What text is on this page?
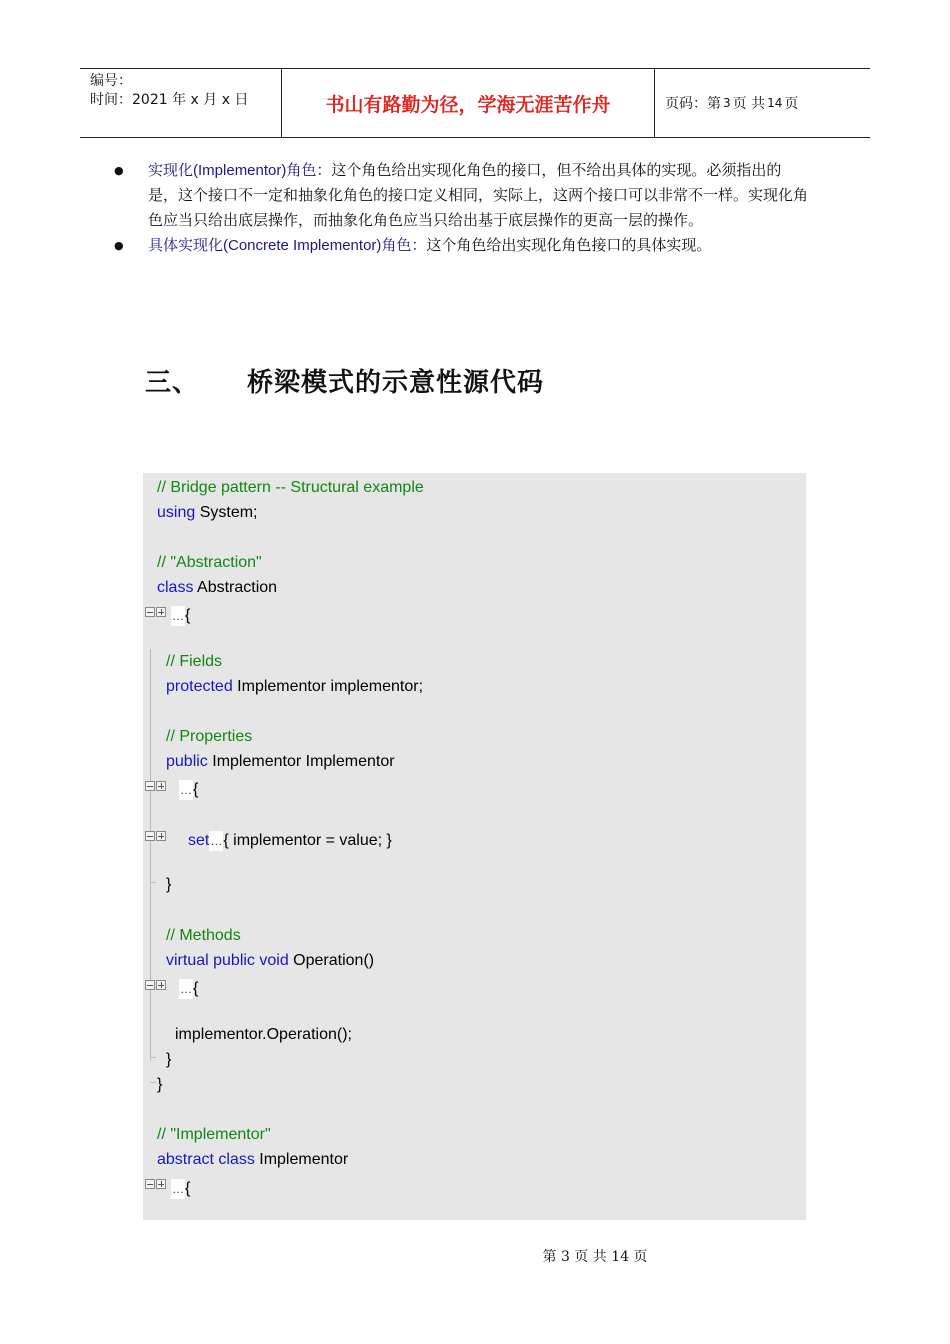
编号：
时间：2021 年 x 月 x 日	书山有路勤为径，学海无涯苦作舟	页码：第 3 页 共 14 页
●	实现化(Implementor)角色：这个角色给出实现化角色的接口，但不给出具体的实现。必须指出的是，这个接口不一定和抽象化角色的接口定义相同，实际上，这两个接口可以非常不一样。实现化角色应当只给出底层操作，而抽象化角色应当只给出基于底层操作的更高一层的操作。
●	具体实现化(Concrete Implementor)角色：这个角色给出实现化角色接口的具体实现。
三、 桥梁模式的示意性源代码
// Bridge pattern -- Structural example
using System;
// "Abstraction"
class Abstraction
…{
// Fields
protected Implementor implementor;
// Properties
public Implementor Implementor
…{
set…{ implementor = value; }
}
// Methods
virtual public void Operation()
…{
implementor.Operation();
}
}
// "Implementor"
abstract class Implementor
…{
第 3 页 共 14 页
